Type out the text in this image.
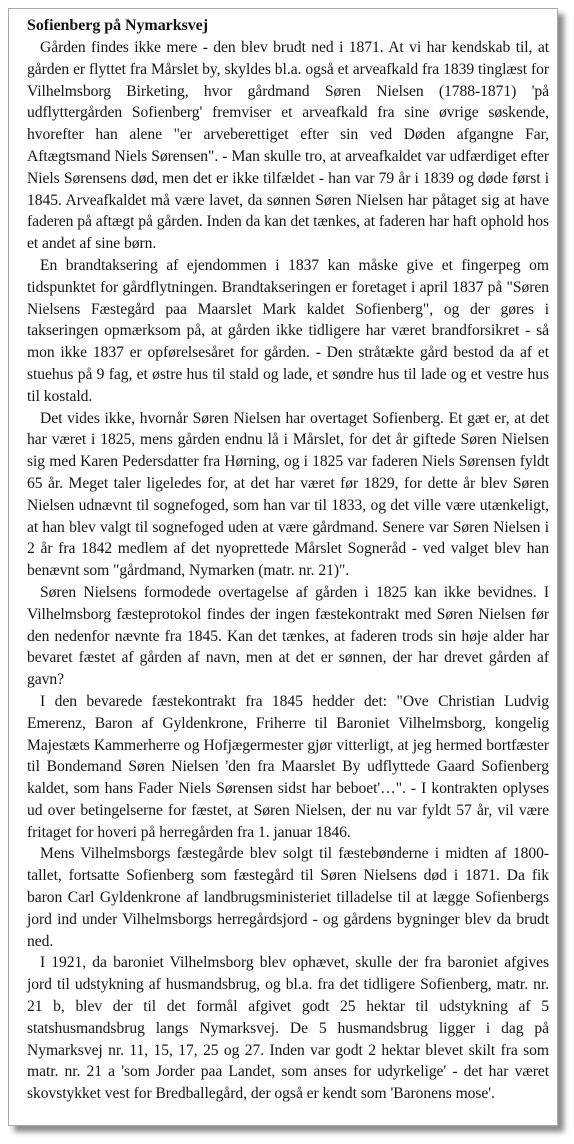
Sofienberg på Nymarksvej

Gården findes ikke mere - den blev brudt ned i 1871. At vi har kendskab til, at gården er flyttet fra Mårslet by, skyldes bl.a. også et arveafkald fra 1839 tinglæst for Vilhelmsborg Birketing, hvor gårdmand Søren Nielsen (1788-1871) 'på udflyttergården Sofienberg' fremviser et arveafkald fra sine øvrige søskende, hvorefter han alene "er arveberettiget efter sin ved Døden afgangne Far, Aftægtsmand Niels Sørensen". - Man skulle tro, at arveafkaldet var udfærdiget efter Niels Sørensens død, men det er ikke tilfældet - han var 79 år i 1839 og døde først i 1845. Arveafkaldet må være lavet, da sønnen Søren Nielsen har påtaget sig at have faderen på aftægt på gården. Inden da kan det tænkes, at faderen har haft ophold hos et andet af sine børn.

En brandtaksering af ejendommen i 1837 kan måske give et fingerpeg om tidspunktet for gårdflytningen. Brandtakseringen er foretaget i april 1837 på "Søren Nielsens Fæstegård paa Maarslet Mark kaldet Sofienberg", og der gøres i takseringen opmærksom på, at gården ikke tidligere har været brandforsikret - så mon ikke 1837 er opførelsesåret for gården. - Den stråtækte gård bestod da af et stuehus på 9 fag, et østre hus til stald og lade, et søndre hus til lade og et vestre hus til kostald.

Det vides ikke, hvornår Søren Nielsen har overtaget Sofienberg. Et gæt er, at det har været i 1825, mens gården endnu lå i Mårslet, for det år giftede Søren Nielsen sig med Karen Pedersdatter fra Hørning, og i 1825 var faderen Niels Sørensen fyldt 65 år. Meget taler ligeledes for, at det har været før 1829, for dette år blev Søren Nielsen udnævnt til sognefoged, som han var til 1833, og det ville være utænkeligt, at han blev valgt til sognefoged uden at være gårdmand. Senere var Søren Nielsen i 2 år fra 1842 medlem af det nyoprettede Mårslet Sogneråd - ved valget blev han benævnt som "gårdmand, Nymarken (matr. nr. 21)".

Søren Nielsens formodede overtagelse af gården i 1825 kan ikke bevidnes. I Vilhelmsborg fæsteprotokol findes der ingen fæstekontrakt med Søren Nielsen før den nedenfor nævnte fra 1845. Kan det tænkes, at faderen trods sin høje alder har bevaret fæstet af gården af navn, men at det er sønnen, der har drevet gården af gavn?

I den bevarede fæstekontrakt fra 1845 hedder det: "Ove Christian Ludvig Emerenz, Baron af Gyldenkrone, Friherre til Baroniet Vilhelmsborg, kongelig Majestæts Kammerherre og Hofjægermester gjør vitterligt, at jeg hermed bortfæster til Bondemand Søren Nielsen 'den fra Maarslet By udflyttede Gaard Sofienberg kaldet, som hans Fader Niels Sørensen sidst har beboet'…". - I kontrakten oplyses ud over betingelserne for fæstet, at Søren Nielsen, der nu var fyldt 57 år, vil være fritaget for hoveri på herregården fra 1. januar 1846.

Mens Vilhelmsborgs fæstegårde blev solgt til fæstebønderne i midten af 1800-tallet, fortsatte Sofienberg som fæstegård til Søren Nielsens død i 1871. Da fik baron Carl Gyldenkrone af landbrugsministeriet tilladelse til at lægge Sofienbergs jord ind under Vilhelmsborgs herregårdsjord - og gårdens bygninger blev da brudt ned.

I 1921, da baroniet Vilhelmsborg blev ophævet, skulle der fra baroniet afgives jord til udstykning af husmandsbrug, og bl.a. fra det tidligere Sofienberg, matr. nr. 21 b, blev der til det formål afgivet godt 25 hektar til udstykning af 5 statshusmandsbrug langs Nymarksvej. De 5 husmandsbrug ligger i dag på Nymarksvej nr. 11, 15, 17, 25 og 27. Inden var godt 2 hektar blevet skilt fra som matr. nr. 21 a 'som Jorder paa Landet, som anses for udyrkelige' - det har været skovstykket vest for Bredballegård, der også er kendt som 'Baronens mose'.
